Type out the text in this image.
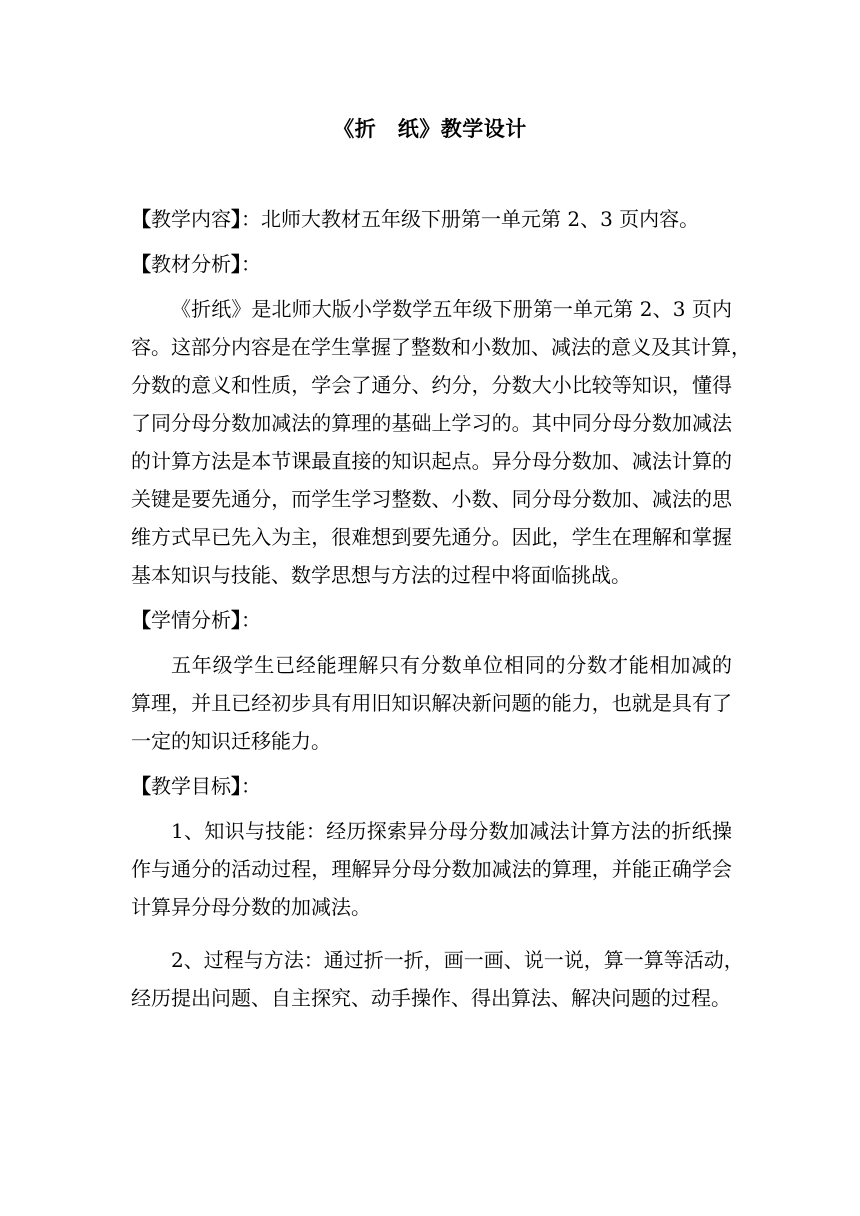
《折　纸》教学设计
【教学内容】：北师大教材五年级下册第一单元第 2、3 页内容。
【教材分析】：
《折纸》是北师大版小学数学五年级下册第一单元第 2、3 页内
容。这部分内容是在学生掌握了整数和小数加、减法的意义及其计算，
分数的意义和性质，学会了通分、约分，分数大小比较等知识，懂得
了同分母分数加减法的算理的基础上学习的。其中同分母分数加减法
的计算方法是本节课最直接的知识起点。异分母分数加、减法计算的
关键是要先通分，而学生学习整数、小数、同分母分数加、减法的思
维方式早已先入为主，很难想到要先通分。因此，学生在理解和掌握
基本知识与技能、数学思想与方法的过程中将面临挑战。
【学情分析】：
五年级学生已经能理解只有分数单位相同的分数才能相加减的
算理，并且已经初步具有用旧知识解决新问题的能力，也就是具有了
一定的知识迁移能力。
【教学目标】：
1、知识与技能：经历探索异分母分数加减法计算方法的折纸操
作与通分的活动过程，理解异分母分数加减法的算理，并能正确学会
计算异分母分数的加减法。
2、过程与方法：通过折一折，画一画、说一说，算一算等活动，
经历提出问题、自主探究、动手操作、得出算法、解决问题的过程。
